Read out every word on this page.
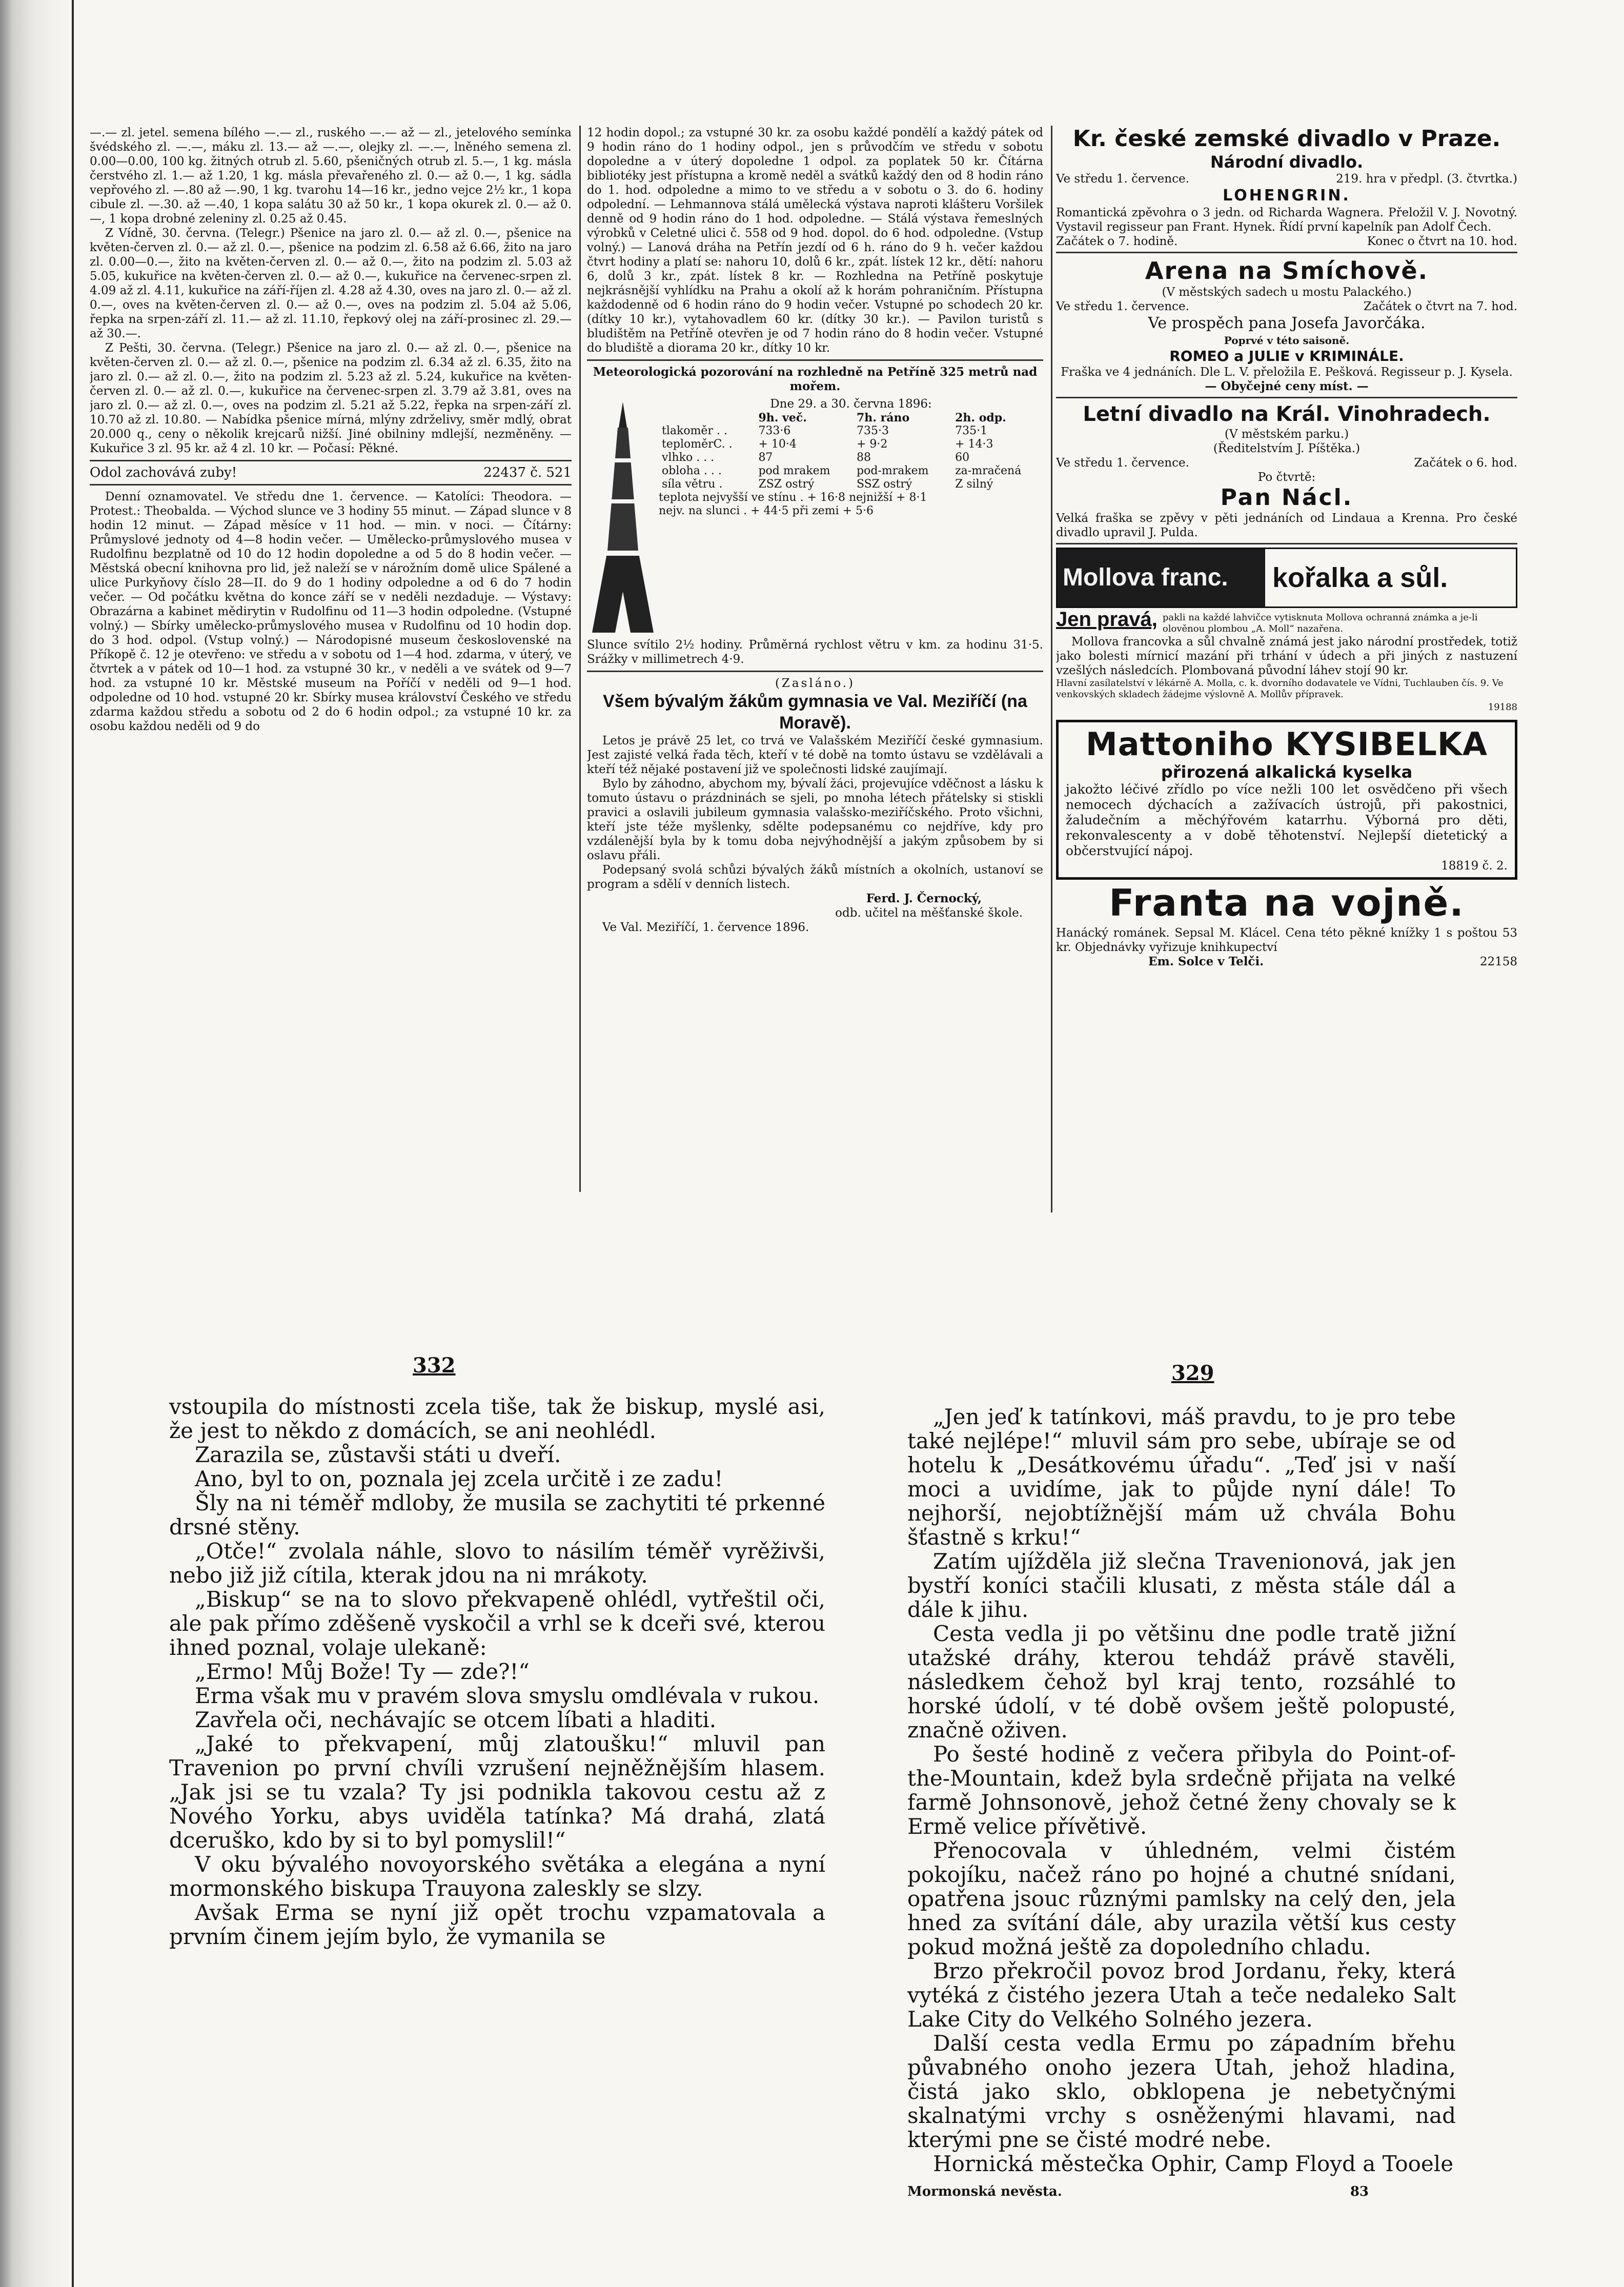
—.— zl. jetel. semena bílého —.— zl., ruského —.— až — zl., jetelového semínka švédského zl. —.—, máku zl. 13.— až —.—, olejky zl. —.—, lněného semena zl. 0.00—0.00, 100 kg. žitných otrub zl. 5.60, pšeničných otrub zl. 5.—, 1 kg. másla čerstvého zl. 1.— až 1.20, 1 kg. másla převařeného zl. 0.— až 0.—, 1 kg. sádla vepřového zl. —.80 až —.90, 1 kg. tvarohu 14—16 kr., jedno vejce 2½ kr., 1 kopa cibule zl. —.30. až —.40, 1 kopa salátu 30 až 50 kr., 1 kopa okurek zl. 0.— až 0.—, 1 kopa drobné zeleniny zl. 0.25 až 0.45.

Z Vídně, 30. června. (Telegr.) Pšenice na jaro zl. 0.— až zl. 0.—, pšenice na květen-červen zl. 0.— až zl. 0.—, pšenice na podzim zl. 6.58 až 6.66, žito na jaro zl. 0.00—0.—, žito na květen-červen zl. 0.— až 0.—, žito na podzim zl. 5.03 až 5.05, kukuřice na květen-červen zl. 0.— až 0.—, kukuřice na červenec-srpen zl. 4.09 až zl. 4.11, kukuřice na září-říjen zl. 4.28 až 4.30, oves na jaro zl. 0.— až zl. 0.—, oves na květen-červen zl. 0.— až 0.—, oves na podzim zl. 5.04 až 5.06, řepka na srpen-září zl. 11.— až zl. 11.10, řepkový olej na září-prosinec zl. 29.— až 30.—.

Z Pešti, 30. června. (Telegr.) Pšenice na jaro zl. 0.— až zl. 0.—, pšenice na květen-červen zl. 0.— až zl. 0.—, pšenice na podzim zl. 6.34 až zl. 6.35, žito na jaro zl. 0.— až zl. 0.—, žito na podzim zl. 5.23 až zl. 5.24, kukuřice na květen-červen zl. 0.— až zl. 0.—, kukuřice na červenec-srpen zl. 3.79 až 3.81, oves na jaro zl. 0.— až zl. 0.—, oves na podzim zl. 5.21 až 5.22, řepka na srpen-září zl. 10.70 až zl. 10.80. — Nabídka pšenice mírná, mlýny zdrželivy, směr mdlý, obrat 20.000 q., ceny o několik krejcarů nižší. Jiné obilniny mdlejší, nezměněny. — Kukuřice 3 zl. 95 kr. až 4 zl. 10 kr. — Počasí: Pěkné.

Odol zachovává zuby!	22437 č. 521

Denní oznamovatel. Ve středu dne 1. července. — Katolíci: Theodora. — Protest.: Theobalda. — Východ slunce ve 3 hodiny 55 minut. — Západ slunce v 8 hodin 12 minut. — Západ měsíce v 11 hod. — min. v noci. — Čítárny: Průmyslové jednoty od 4—8 hodin večer. — Umělecko-průmyslového musea v Rudolfinu bezplatně od 10 do 12 hodin dopoledne a od 5 do 8 hodin večer. — Městská obecní knihovna pro lid, jež naleží se v nárožním domě ulice Spálené a ulice Purkyňovy číslo 28—II. do 9 do 1 hodiny odpoledne a od 6 do 7 hodin večer. — Od počátku května do konce září se v neděli nezdaduje. — Výstavy: Obrazárna a kabinet mědirytin v Rudolfinu od 11—3 hodin odpoledne. (Vstupné volný.) — Sbírky umělecko-průmyslového musea v Rudolfinu od 10 hodin dop. do 3 hod. odpol. (Vstup volný.) — Národopisné museum československé na Příkopě č. 12 je otevřeno: ve středu a v sobotu od 1—4 hod. zdarma, v úterý, ve čtvrtek a v pátek od 10—1 hod. za vstupné 30 kr., v neděli a ve svátek od 9—7 hod. za vstupné 10 kr. Městské museum na Poříčí v neděli od 9—1 hod. odpoledne od 10 hod. vstupné 20 kr. Sbírky musea království Českého ve středu zdarma každou středu a sobotu od 2 do 6 hodin odpol.; za vstupné 10 kr. za osobu každou neděli od 9 do

12 hodin dopol.; za vstupné 30 kr. za osobu každé pondělí a každý pátek od 9 hodin ráno do 1 hodiny odpol., jen s průvodčím ve středu v sobotu dopoledne a v úterý dopoledne 1 odpol. za poplatek 50 kr. Čítárna bibliotéky jest přístupna a kromě neděl a svátků každý den od 8 hodin ráno do 1. hod. odpoledne a mimo to ve středu a v sobotu o 3. do 6. hodiny odpolední. — Lehmannova stálá umělecká výstava naproti klášteru Voršilek denně od 9 hodin ráno do 1 hod. odpoledne. — Stálá výstava řemeslných výrobků v Celetné ulici č. 558 od 9 hod. dopol. do 6 hod. odpoledne. (Vstup volný.) — Lanová dráha na Petřín jezdí od 6 h. ráno do 9 h. večer každou čtvrt hodiny a platí se: nahoru 10, dolů 6 kr., zpát. lístek 12 kr., dětí: nahoru 6, dolů 3 kr., zpát. lístek 8 kr. — Rozhledna na Petříně poskytuje nejkrásnější vyhlídku na Prahu a okolí až k horám pohraničním. Přístupna každodenně od 6 hodin ráno do 9 hodin večer. Vstupné po schodech 20 kr. (dítky 10 kr.), vytahovadlem 60 kr. (dítky 30 kr.). — Pavilon turistů s bludištěm na Petříně otevřen je od 7 hodin ráno do 8 hodin večer. Vstupné do bludiště a diorama 20 kr., dítky 10 kr.

Meteorologická pozorování na rozhledně na Petříně 325 metrů nad mořem.

Dne 29. a 30. června 1896:
	9h. več.	7h. ráno	2h. odp.
tlakoměr . .	733·6	735·3	735·1
teploměrC. .	+ 10·4	+ 9·2	+ 14·3
vlhko . . .	87	88	60
obloha . . .	pod mrakem	pod-mrakem	za-mračená
síla větru .	ZSZ ostrý	SSZ ostrý	Z silný
teplota nejvyšší ve stínu . + 16·8 nejnižší + 8·1
nejv. na slunci . + 44·5 při zemi + 5·6

Slunce svítilo 2½ hodiny. Průměrná rychlost větru v km. za hodinu 31·5. Srážky v millimetrech 4·9.

(Zasláno.)

Všem bývalým žákům gymnasia ve Val. Meziříčí (na Moravě).

Letos je právě 25 let, co trvá ve Valašském Meziříčí české gymnasium. Jest zajisté velká řada těch, kteří v té době na tomto ústavu se vzdělávali a kteří též nějaké postavení již ve společnosti lidské zaujímají.

Bylo by záhodno, abychom my, bývalí žáci, projevujíce vděčnost a lásku k tomuto ústavu o prázdninách se sjeli, po mnoha létech přátelsky si stiskli pravici a oslavili jubileum gymnasia valašsko-meziříčského. Proto všichni, kteří jste téže myšlenky, sdělte podepsanému co nejdříve, kdy pro vzdálenější byla by k tomu doba nejvýhodnější a jakým způsobem by si oslavu přáli.

Podepsaný svolá schůzi bývalých žáků místních a okolních, ustanoví se program a sdělí v denních listech.

Ferd. J. Černocký,

odb. učitel na měšťanské škole.

Ve Val. Meziříčí, 1. července 1896.

Kr. české zemské divadlo v Praze.
Národní divadlo.
Ve středu 1. července.	219. hra v předpl. (3. čtvrtka.)
LOHENGRIN.
Romantická zpěvohra o 3 jedn. od Richarda Wagnera. Přeložil V. J. Novotný. Vystavil regisseur pan Frant. Hynek. Řídí první kapelník pan Adolf Čech.
Začátek o 7. hodině.	Konec o čtvrt na 10. hod.
Arena na Smíchově.
(V městských sadech u mostu Palackého.)
Ve středu 1. července.	Začátek o čtvrt na 7. hod.
Ve prospěch pana Josefa Javorčáka.
Poprvé v této saisoně.
ROMEO a JULIE v KRIMINÁLE.
Fraška ve 4 jednáních. Dle L. V. přeložila E. Pešková. Regisseur p. J. Kysela.
— Obyčejné ceny míst. —
Letní divadlo na Král. Vinohradech.
(V městském parku.)
(Ředitelstvím J. Píštěka.)
Ve středu 1. července.	Začátek o 6. hod.
Po čtvrtě:
Pan Nácl.
Velká fraška se zpěvy v pěti jednáních od Lindaua a Krenna. Pro české divadlo upravil J. Pulda.
Mollova franc.	kořalka a sůl.
Jen pravá, pakli na každé lahvičce vytisknuta Mollova ochranná známka a je-li olověnou plombou „A. Moll“ nazařena.
Mollova francovka a sůl chvalně známá jest jako národní prostředek, totiž jako bolesti mírnicí mazání při trhání v údech a při jiných z nastuzení vzešlých následcích. Plombovaná původní láhev stojí 90 kr.
Hlavní zasílatelství v lékárně A. Molla, c. k. dvorního dodavatele ve Vídni, Tuchlauben čís. 9. Ve venkovských skladech žádejme výslovně A. Mollův přípravek.
19188
Mattoniho KYSIBELKA
přirozená alkalická kyselka
jakožto léčivé zřídlo po více nežli 100 let osvědčeno při všech nemocech dýchacích a zažívacích ústrojů, při pakostnici, žaludečním a měchýřovém katarrhu. Výborná pro děti, rekonvalescenty a v době těhotenství. Nejlepší dietetický a občerstvující nápoj.
18819 č. 2.
Franta na vojně.
Hanácký románek. Sepsal M. Klácel. Cena této pěkné knížky 1 s poštou 53 kr. Objednávky vyřizuje knihkupectví
Em. Solce v Telči.	22158
332	329

vstoupila do místnosti zcela tiše, tak že biskup, myslé asi, že jest to někdo z domácích, se ani neohlédl.

Zarazila se, zůstavši státi u dveří.

Ano, byl to on, poznala jej zcela určitě i ze zadu!

Šly na ni téměř mdloby, že musila se zachytiti té prkenné drsné stěny.

„Otče!“ zvolala náhle, slovo to násilím téměř vyrěživši, nebo již již cítila, kterak jdou na ni mrákoty.

„Biskup“ se na to slovo překvapeně ohlédl, vytřeštil oči, ale pak přímo zděšeně vyskočil a vrhl se k dceři své, kterou ihned poznal, volaje ulekaně:

„Ermo! Můj Bože! Ty — zde?!“

Erma však mu v pravém slova smyslu omdlévala v rukou.

Zavřela oči, nechávajíc se otcem líbati a hladiti.

„Jaké to překvapení, můj zlatoušku!“ mluvil pan Travenion po první chvíli vzrušení nejněžnějším hlasem. „Jak jsi se tu vzala? Ty jsi podnikla takovou cestu až z Nového Yorku, abys uviděla tatínka? Má drahá, zlatá dceruško, kdo by si to byl pomyslil!“

V oku bývalého novoyorského světáka a elegána a nyní mormonského biskupa Trauyona zalesklу se slzy.

Avšak Erma se nyní již opět trochu vzpamatovala a prvním činem jejím bylo, že vymanila se

„Jen jeď k tatínkovi, máš pravdu, to je pro tebe také nejlépe!“ mluvil sám pro sebe, ubíraje se od hotelu k „Desátkovému úřadu“. „Teď jsi v naší moci a uvidíme, jak to půjde nyní dále! To nejhorší, nejobtížnější mám už chvála Bohu šťastně s krku!“

Zatím ujížděla již slečna Travenionová, jak jen bystří koníci stačili klusati, z města stále dál a dále k jihu.

Cesta vedla ji po většinu dne podle tratě jižní utažské dráhy, kterou tehdáž právě stavěli, následkem čehož byl kraj tento, rozsáhlé to horské údolí, v té době ovšem ještě polopusté, značně oživen.

Po šesté hodině z večera přibyla do Point-of-the-Mountain, kdež byla srdečně přijata na velké farmě Johnsonově, jehož četné ženy chovaly se k Ermě velice přívětivě.

Přenocovala v úhledném, velmi čistém pokojíku, načež ráno po hojné a chutné snídani, opatřena jsouc různými pamlsky na celý den, jela hned za svítání dále, aby urazila větší kus cesty pokud možná ještě za dopoledního chladu.

Brzo překročil povoz brod Jordanu, řeky, která vytéká z čistého jezera Utah a teče nedaleko Salt Lake City do Velkého Solného jezera.

Další cesta vedla Ermu po západním břehu půvabného onoho jezera Utah, jehož hladina, čistá jako sklo, obklopena je nebetyčnými skalnatými vrchy s osněženými hlavami, nad kterými pne se čisté modré nebe.

Hornická městečka Ophir, Camp Floyd a Tooele

Mormonská nevěsta.	83
